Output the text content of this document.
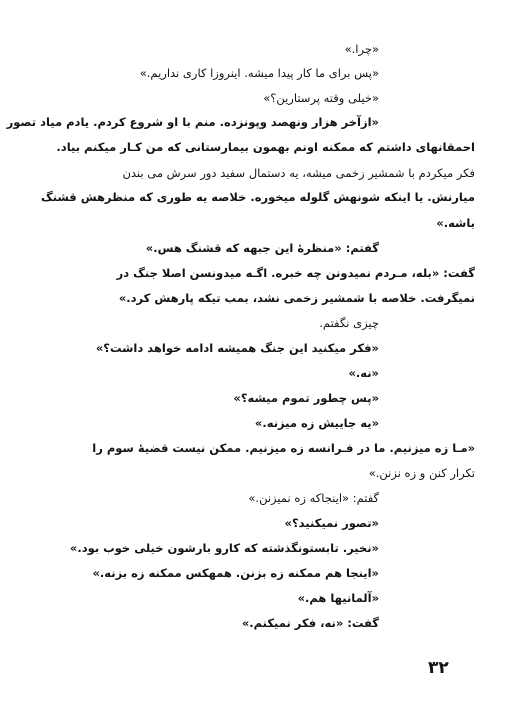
«چرا.»
«پس برای ما کار پیدا میشه. اینروزا کاری نداریم.»
«خیلی وقته پرستارین؟»
«ازآخر هزار ونهصد وپونزده. منم با او شروع کردم. یادم میاد تصور
احمقانهای داشتم که ممکنه اونم بهمون بیمارستانی که من کـار میکنم بیاد.
فکر میکردم با شمشیر زخمی میشه، یه دستمال سفید دور سرش می بندن
میارنش. یا اینکه شونهش گلوله میخوره. خلاصه یه طوری که منظرهش قشنگ
باشه.»
گفتم: «منظرهٔ این جبهه که قشنگ هس.»
گفت: «بله، مـردم نمیدونن چه خبره. اگـه میدونسن اصلا جنگ در
نمیگرفت. خلاصه با شمشیر زخمی نشد، بمب تیکه پارهش کرد.»
چیزی نگفتم.
«فکر میکنید این جنگ همیشه ادامه خواهد داشت؟»
«نه.»
«پس چطور تموم میشه؟»
«یه جاییش زه میزنه.»
«مـا زه میزنیم. ما در فـرانسه زه میزنیم. ممکن نیست قضیهٔ سوم را
تکرار کنن و زه نزنن.»
گفتم: «اینجاکه زه نمیزنن.»
«تصور نمیکنید؟»
«نخیر. تابستونگذشته که کارو بارشون خیلی خوب بود.»
«اینجا هم ممکنه زه بزنن. همهکس ممکنه زه بزنه.»
«آلمانیها هم.»
گفت: «نه، فکر نمیکنم.»
۳۲
